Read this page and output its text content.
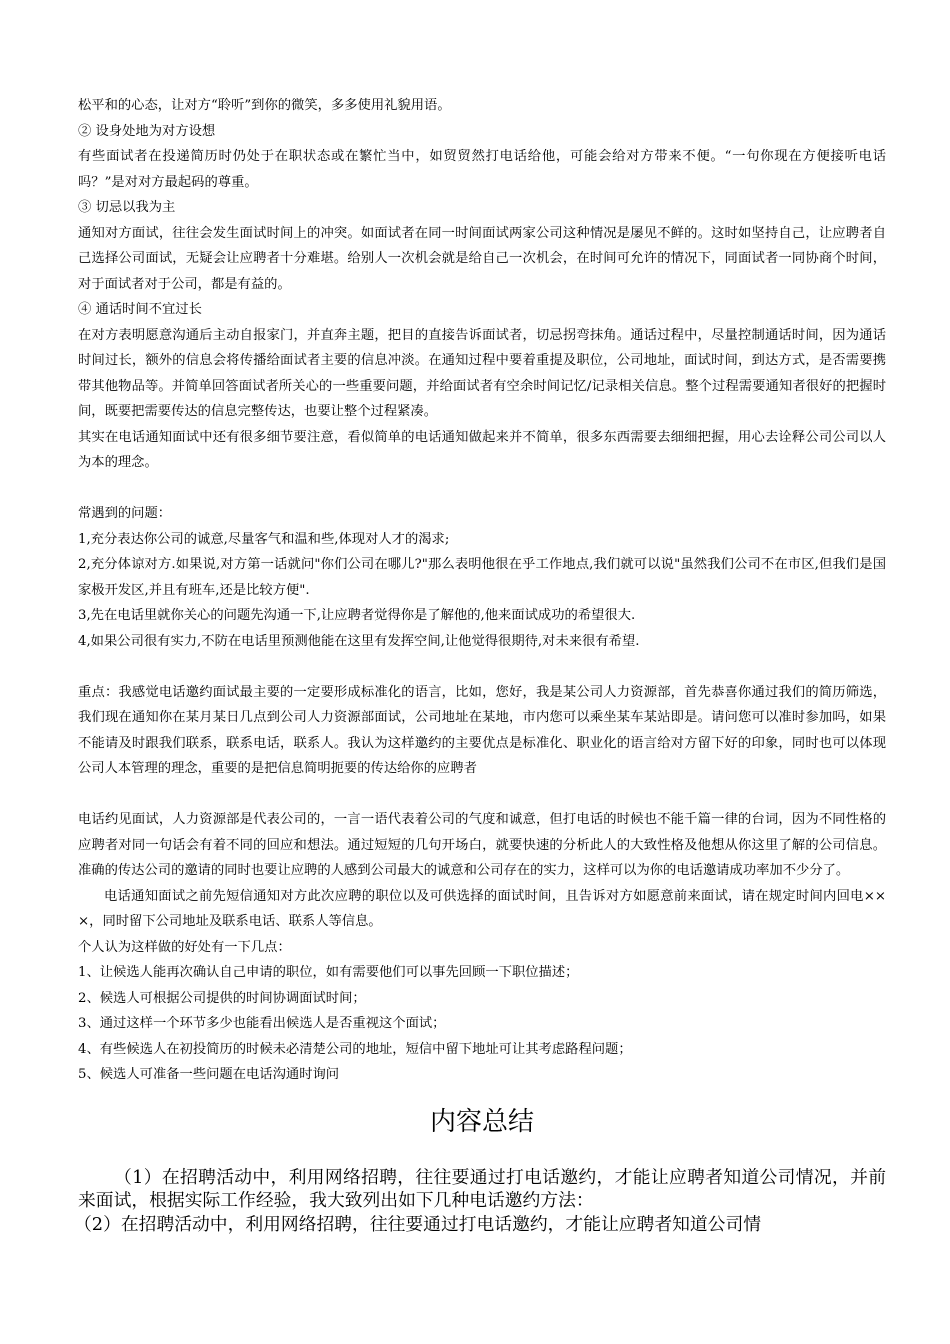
松平和的心态，让对方“聆听”到你的微笑，多多使用礼貌用语。

② 设身处地为对方设想

有些面试者在投递简历时仍处于在职状态或在繁忙当中，如贸贸然打电话给他，可能会给对方带来不便。“一句你现在方便接听电话吗？”是对对方最起码的尊重。

③ 切忌以我为主

通知对方面试，往往会发生面试时间上的冲突。如面试者在同一时间面试两家公司这种情况是屡见不鲜的。这时如坚持自己，让应聘者自己选择公司面试，无疑会让应聘者十分难堪。给别人一次机会就是给自己一次机会，在时间可允许的情况下，同面试者一同协商个时间，对于面试者对于公司，都是有益的。

④ 通话时间不宜过长

在对方表明愿意沟通后主动自报家门，并直奔主题，把目的直接告诉面试者，切忌拐弯抹角。通话过程中，尽量控制通话时间，因为通话时间过长，额外的信息会将传播给面试者主要的信息冲淡。在通知过程中要着重提及职位，公司地址，面试时间，到达方式，是否需要携带其他物品等。并简单回答面试者所关心的一些重要问题，并给面试者有空余时间记忆/记录相关信息。整个过程需要通知者很好的把握时间，既要把需要传达的信息完整传达，也要让整个过程紧凑。

其实在电话通知面试中还有很多细节要注意，看似简单的电话通知做起来并不简单，很多东西需要去细细把握，用心去诠释公司公司以人为本的理念。

常遇到的问题：

1,充分表达你公司的诚意,尽量客气和温和些,体现对人才的渴求;

2,充分体谅对方.如果说,对方第一话就问"你们公司在哪儿?"那么表明他很在乎工作地点,我们就可以说"虽然我们公司不在市区,但我们是国家极开发区,并且有班车,还是比较方便".

3,先在电话里就你关心的问题先沟通一下,让应聘者觉得你是了解他的,他来面试成功的希望很大.

4,如果公司很有实力,不防在电话里预测他能在这里有发挥空间,让他觉得很期待,对未来很有希望.

重点：我感觉电话邀约面试最主要的一定要形成标准化的语言，比如，您好，我是某公司人力资源部，首先恭喜你通过我们的简历筛选，我们现在通知你在某月某日几点到公司人力资源部面试，公司地址在某地，市内您可以乘坐某车某站即是。请问您可以准时参加吗，如果不能请及时跟我们联系，联系电话，联系人。我认为这样邀约的主要优点是标准化、职业化的语言给对方留下好的印象，同时也可以体现公司人本管理的理念，重要的是把信息简明扼要的传达给你的应聘者

电话约见面试，人力资源部是代表公司的，一言一语代表着公司的气度和诚意，但打电话的时候也不能千篇一律的台词，因为不同性格的应聘者对同一句话会有着不同的回应和想法。通过短短的几句开场白，就要快速的分析此人的大致性格及他想从你这里了解的公司信息。准确的传达公司的邀请的同时也要让应聘的人感到公司最大的诚意和公司存在的实力，这样可以为你的电话邀请成功率加不少分了。

电话通知面试之前先短信通知对方此次应聘的职位以及可供选择的面试时间，且告诉对方如愿意前来面试，请在规定时间内回电×××，同时留下公司地址及联系电话、联系人等信息。

个人认为这样做的好处有一下几点：

1、让候选人能再次确认自己申请的职位，如有需要他们可以事先回顾一下职位描述；

2、候选人可根据公司提供的时间协调面试时间；

3、通过这样一个环节多少也能看出候选人是否重视这个面试；

4、有些候选人在初投简历的时候未必清楚公司的地址，短信中留下地址可让其考虑路程问题；

5、候选人可准备一些问题在电话沟通时询问

内容总结

（1）在招聘活动中，利用网络招聘，往往要通过打电话邀约，才能让应聘者知道公司情况，并前来面试，根据实际工作经验，我大致列出如下几种电话邀约方法：

（2）在招聘活动中，利用网络招聘，往往要通过打电话邀约，才能让应聘者知道公司情
